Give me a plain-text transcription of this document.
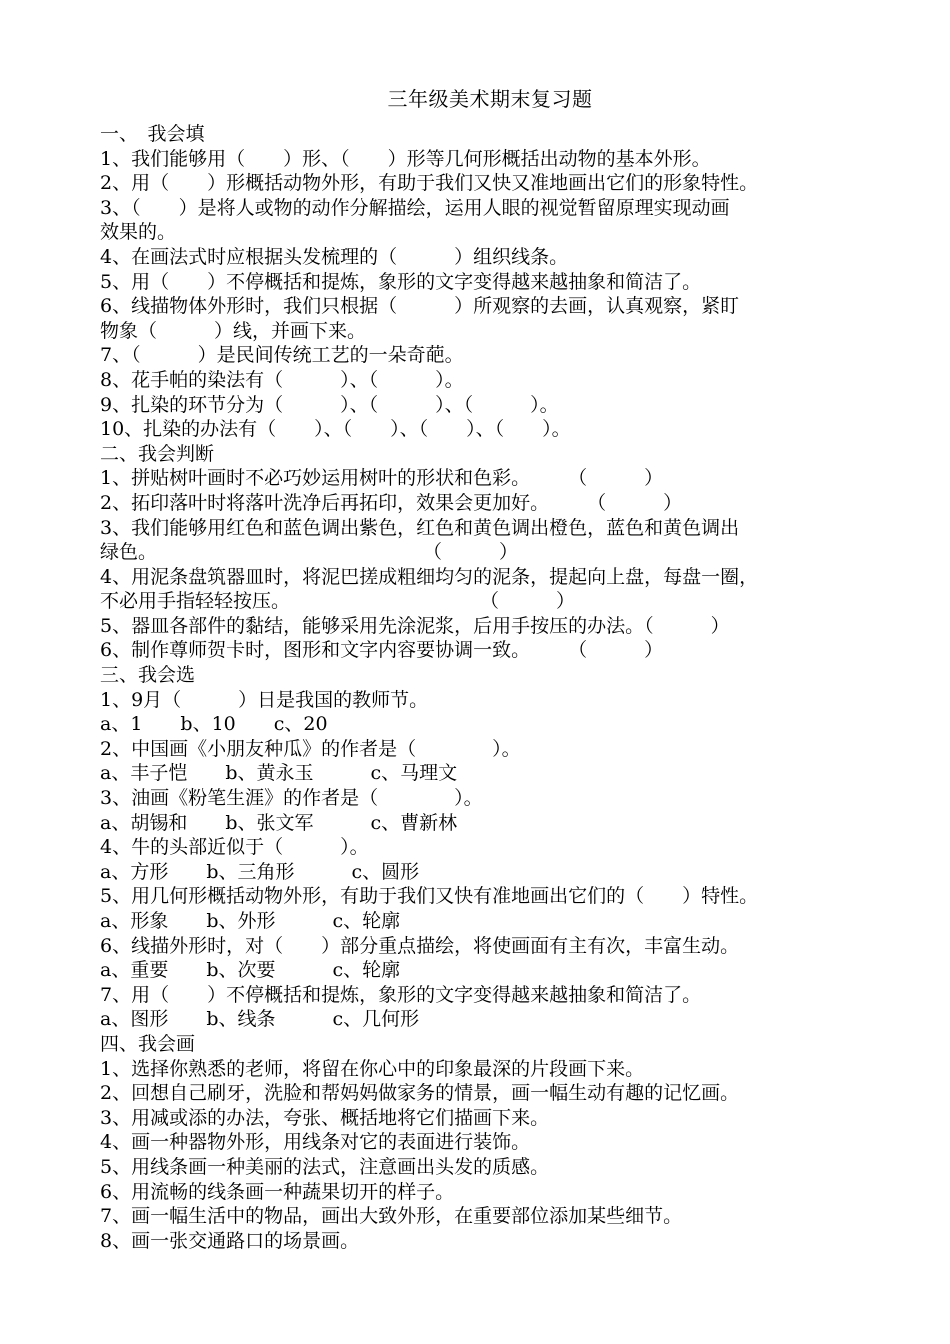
三年级美术期末复习题

一、　我会填

1、我们能够用（　　）形、（　　）形等几何形概括出动物的基本外形。

2、用（　　）形概括动物外形，有助于我们又快又准地画出它们的形象特性。

3、（　　）是将人或物的动作分解描绘，运用人眼的视觉暂留原理实现动画

效果的。

4、在画法式时应根据头发梳理的（　　　）组织线条。

5、用（　　）不停概括和提炼，象形的文字变得越来越抽象和简洁了。

6、线描物体外形时，我们只根据（　　　）所观察的去画，认真观察，紧盯

物象（　　　）线，并画下来。

7、（　　　）是民间传统工艺的一朵奇葩。

8、花手帕的染法有（　　　）、（　　　）。

9、扎染的环节分为（　　　）、（　　　）、（　　　）。

10、扎染的办法有（　　）、（　　）、（　　）、（　　）。

二、我会判断

1、拼贴树叶画时不必巧妙运用树叶的形状和色彩。　　　（　　　）

2、拓印落叶时将落叶洗净后再拓印，效果会更加好。　　　（　　　）

3、我们能够用红色和蓝色调出紫色，红色和黄色调出橙色，蓝色和黄色调出

绿色。　　　　　　　　　　　　　　　（　　　）

4、用泥条盘筑器皿时，将泥巴搓成粗细均匀的泥条，提起向上盘，每盘一圈，

不必用手指轻轻按压。　　　　　　　　　　　（　　　）

5、器皿各部件的黏结，能够采用先涂泥浆，后用手按压的办法。（　　　）

6、制作尊师贺卡时，图形和文字内容要协调一致。　　　（　　　）

三、我会选

1、9月（　　　）日是我国的教师节。

a、1　　b、10　　c、20

2、中国画《小朋友种瓜》的作者是（　　　　）。

a、丰子恺　　b、黄永玉　　　c、马理文

3、油画《粉笔生涯》的作者是（　　　　）。

a、胡锡和　　b、张文军　　　c、曹新林

4、牛的头部近似于（　　　）。

a、方形　　b、三角形　　　c、圆形

5、用几何形概括动物外形，有助于我们又快有准地画出它们的（　　）特性。

a、形象　　b、外形　　　c、轮廓

6、线描外形时，对（　　）部分重点描绘，将使画面有主有次，丰富生动。

a、重要　　b、次要　　　c、轮廓

7、用（　　）不停概括和提炼，象形的文字变得越来越抽象和简洁了。

a、图形　　b、线条　　　c、几何形

四、我会画

1、选择你熟悉的老师，将留在你心中的印象最深的片段画下来。

2、回想自己刷牙，洗脸和帮妈妈做家务的情景，画一幅生动有趣的记忆画。

3、用减或添的办法，夸张、概括地将它们描画下来。

4、画一种器物外形，用线条对它的表面进行装饰。

5、用线条画一种美丽的法式，注意画出头发的质感。

6、用流畅的线条画一种蔬果切开的样子。

7、画一幅生活中的物品，画出大致外形，在重要部位添加某些细节。

8、画一张交通路口的场景画。
